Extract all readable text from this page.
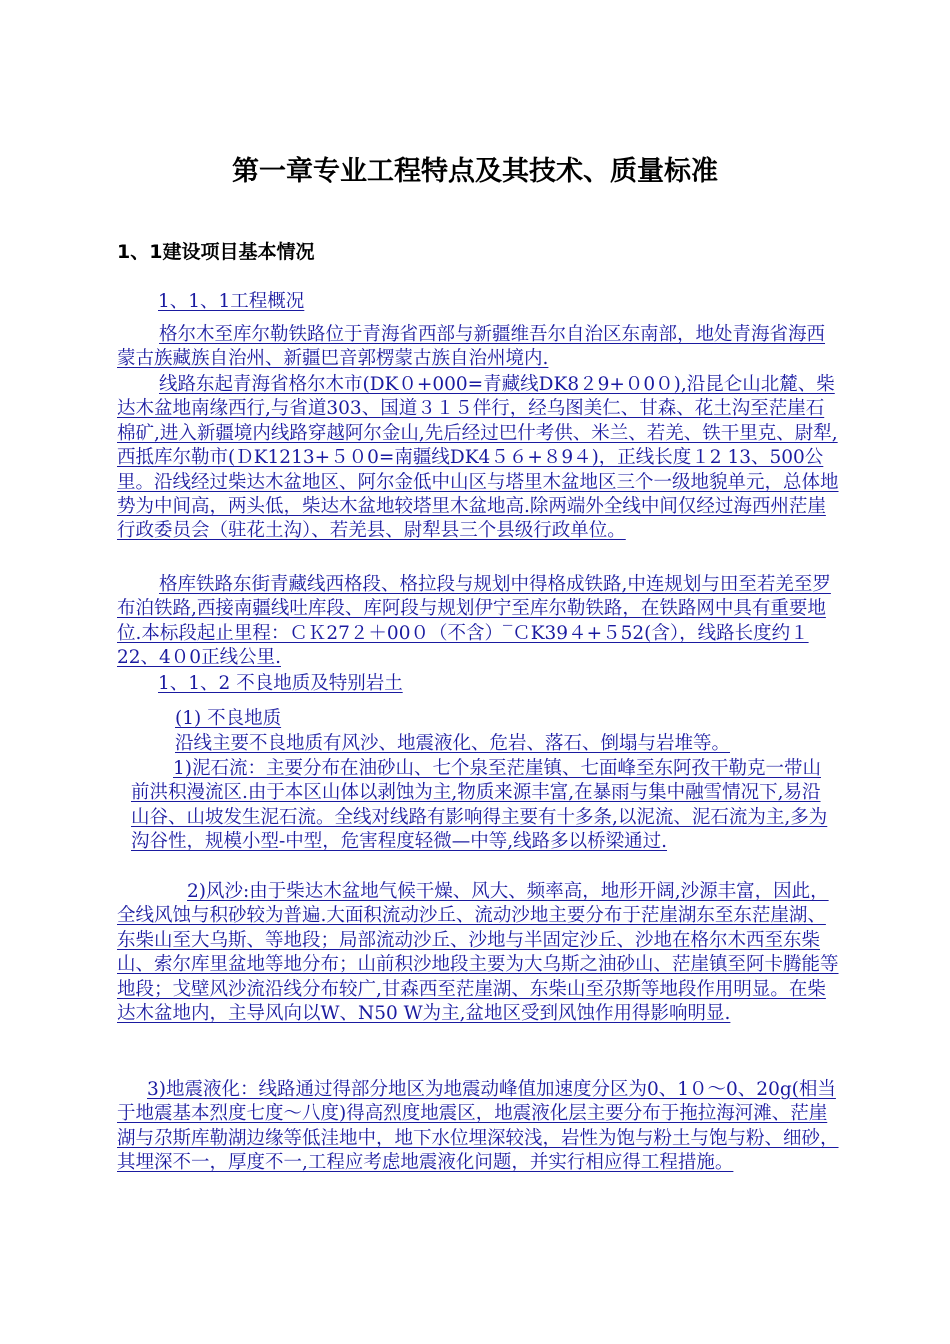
第一章专业工程特点及其技术、质量标准
1、1建设项目基本情况

1、1、1工程概况

格尔木至库尔勒铁路位于青海省西部与新疆维吾尔自治区东南部，地处青海省海西蒙古族藏族自治州、新疆巴音郭楞蒙古族自治州境内.

线路东起青海省格尔木市(DK０+000=青藏线DK8２9+０0０),沿昆仑山北麓、柴达木盆地南缘西行,与省道303、国道３１５伴行，经乌图美仁、甘森、花土沟至茫崖石棉矿,进入新疆境内线路穿越阿尔金山,先后经过巴什考供、米兰、若羌、铁干里克、尉犁,西抵库尔勒市(ＤK1213+５０0=南疆线DK4５６+８9４)，正线长度１2 13、500公里。沿线经过柴达木盆地区、阿尔金低中山区与塔里木盆地区三个一级地貌单元，总体地势为中间高，两头低，柴达木盆地较塔里木盆地高.除两端外全线中间仅经过海西州茫崖行政委员会（驻花土沟）、若羌县、尉犁县三个县级行政单位。

格库铁路东街青藏线西格段、格拉段与规划中得格成铁路,中连规划与田至若羌至罗布泊铁路,西接南疆线吐库段、库阿段与规划伊宁至库尔勒铁路，在铁路网中具有重要地位.本标段起止里程：ＣＫ27２＋00０（不含）‾ＣK39４+５52(含），线路长度约１22、4０0正线公里.

1、1、2 不良地质及特别岩土

(1) 不良地质

沿线主要不良地质有风沙、地震液化、危岩、落石、倒塌与岩堆等。

1)泥石流：主要分布在油砂山、七个泉至茫崖镇、七面峰至东阿孜干勒克一带山前洪积漫流区.由于本区山体以剥蚀为主,物质来源丰富,在暴雨与集中融雪情况下,易沿山谷、山坡发生泥石流。全线对线路有影响得主要有十多条,以泥流、泥石流为主,多为沟谷性，规模小型-中型，危害程度轻微—中等,线路多以桥梁通过.

2)风沙:由于柴达木盆地气候干燥、风大、频率高，地形开阔,沙源丰富，因此，全线风蚀与积砂较为普遍.大面积流动沙丘、流动沙地主要分布于茫崖湖东至东茫崖湖、东柴山至大乌斯、等地段；局部流动沙丘、沙地与半固定沙丘、沙地在格尔木西至东柴山、索尔库里盆地等地分布；山前积沙地段主要为大乌斯之油砂山、茫崖镇至阿卡腾能等地段；戈壁风沙流沿线分布较广,甘森西至茫崖湖、东柴山至尕斯等地段作用明显。在柴达木盆地内，主导风向以W、N50 W为主,盆地区受到风蚀作用得影响明显.

3)地震液化：线路通过得部分地区为地震动峰值加速度分区为0、1０～0、20g(相当于地震基本烈度七度～八度)得高烈度地震区，地震液化层主要分布于拖拉海河滩、茫崖湖与尕斯库勒湖边缘等低洼地中，地下水位埋深较浅，岩性为饱与粉土与饱与粉、细砂，其埋深不一，厚度不一,工程应考虑地震液化问题，并实行相应得工程措施。
